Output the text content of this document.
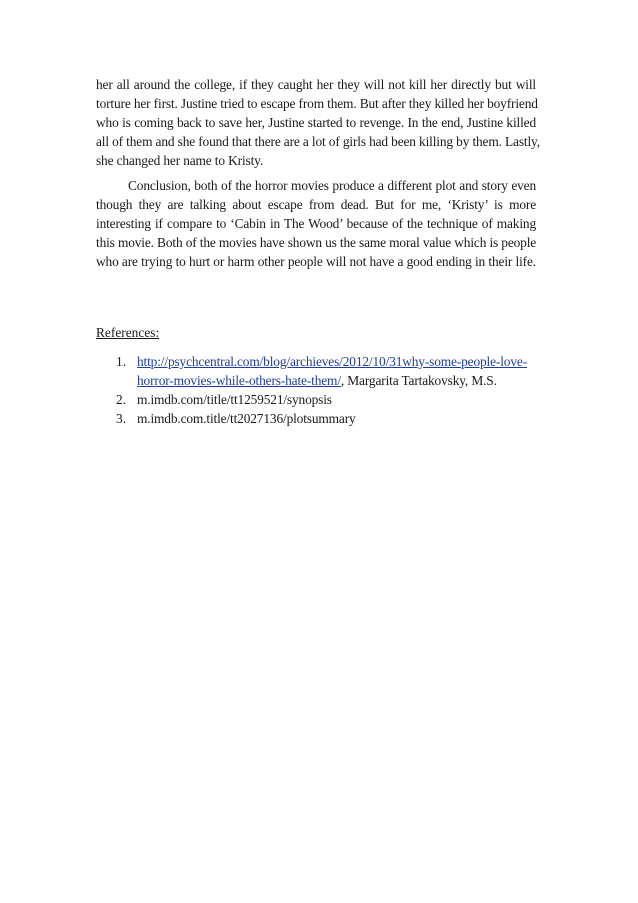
her all around the college, if they caught her they will not kill her directly but will
torture her first. Justine tried to escape from them. But after they killed her boyfriend
who is coming back to save her, Justine started to revenge. In the end, Justine killed
all of them and she found that there are a lot of girls had been killing by them. Lastly,
she changed her name to Kristy.
Conclusion, both of the horror movies produce a different plot and story even
though they are talking about escape from dead. But for me, ‘Kristy’ is more
interesting if compare to ‘Cabin in The Wood’ because of the technique of making
this movie. Both of the movies have shown us the same moral value which is people
who are trying to hurt or harm other people will not have a good ending in their life.
References:
1. http://psychcentral.com/blog/archieves/2012/10/31why-some-people-love-
horror-movies-while-others-hate-them/, Margarita Tartakovsky, M.S.
2. m.imdb.com/title/tt1259521/synopsis
3. m.imdb.com.title/tt2027136/plotsummary
